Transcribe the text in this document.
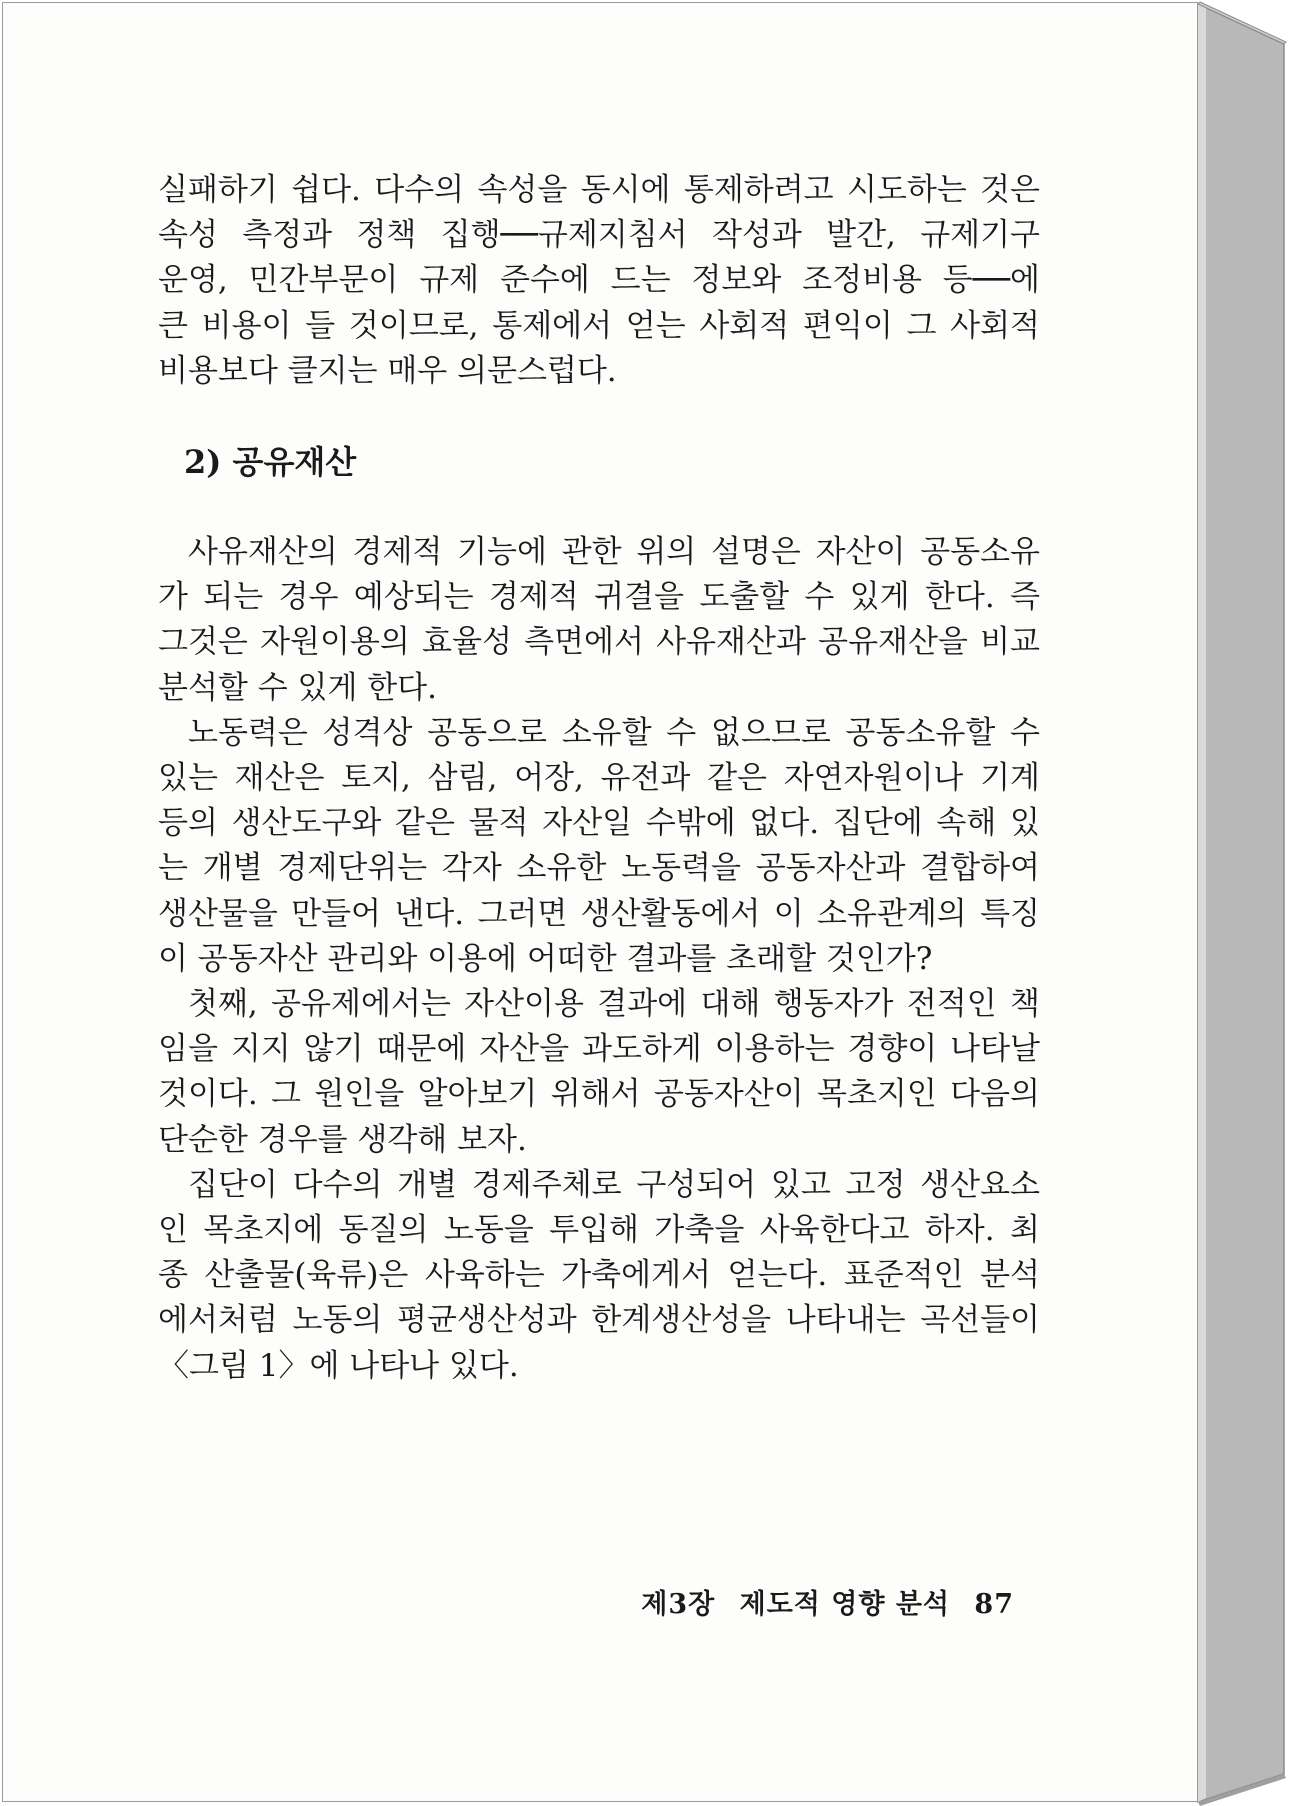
실패하기 쉽다. 다수의 속성을 동시에 통제하려고 시도하는 것은
속성 측정과 정책 집행──규제지침서 작성과 발간, 규제기구
운영, 민간부문이 규제 준수에 드는 정보와 조정비용 등──에
큰 비용이 들 것이므로, 통제에서 얻는 사회적 편익이 그 사회적
비용보다 클지는 매우 의문스럽다.

2) 공유재산

사유재산의 경제적 기능에 관한 위의 설명은 자산이 공동소유
가 되는 경우 예상되는 경제적 귀결을 도출할 수 있게 한다. 즉
그것은 자원이용의 효율성 측면에서 사유재산과 공유재산을 비교
분석할 수 있게 한다.

노동력은 성격상 공동으로 소유할 수 없으므로 공동소유할 수
있는 재산은 토지, 삼림, 어장, 유전과 같은 자연자원이나 기계
등의 생산도구와 같은 물적 자산일 수밖에 없다. 집단에 속해 있
는 개별 경제단위는 각자 소유한 노동력을 공동자산과 결합하여
생산물을 만들어 낸다. 그러면 생산활동에서 이 소유관계의 특징
이 공동자산 관리와 이용에 어떠한 결과를 초래할 것인가?

첫째, 공유제에서는 자산이용 결과에 대해 행동자가 전적인 책
임을 지지 않기 때문에 자산을 과도하게 이용하는 경향이 나타날
것이다. 그 원인을 알아보기 위해서 공동자산이 목초지인 다음의
단순한 경우를 생각해 보자.

집단이 다수의 개별 경제주체로 구성되어 있고 고정 생산요소
인 목초지에 동질의 노동을 투입해 가축을 사육한다고 하자. 최
종 산출물(육류)은 사육하는 가축에게서 얻는다. 표준적인 분석
에서처럼 노동의 평균생산성과 한계생산성을 나타내는 곡선들이
〈그림 1〉에 나타나 있다.

제3장 제도적 영향 분석 87
